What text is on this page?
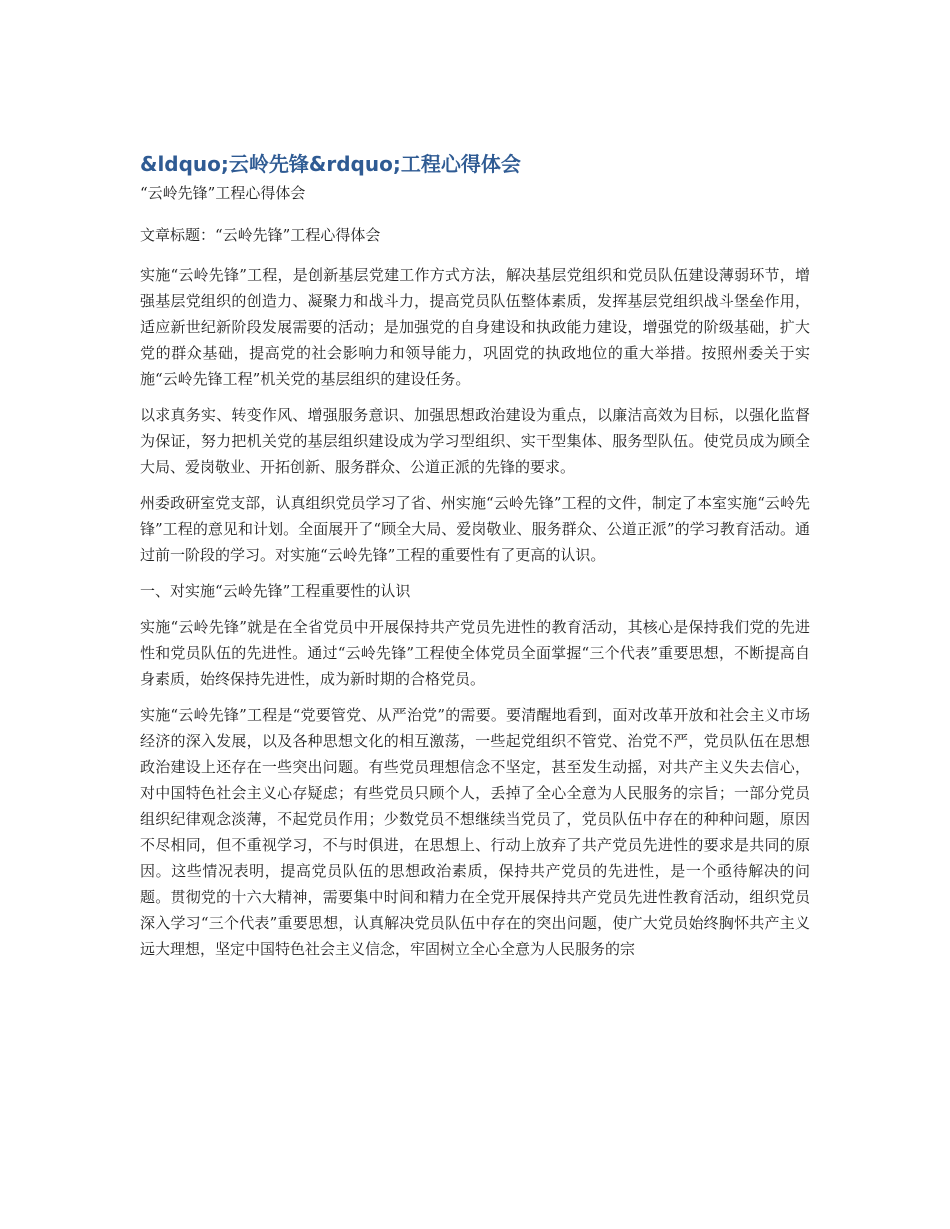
&ldquo;云岭先锋&rdquo;工程心得体会
“云岭先锋”工程心得体会

文章标题：“云岭先锋”工程心得体会

实施“云岭先锋”工程，是创新基层党建工作方式方法，解决基层党组织和党员队伍建设薄弱环节，增强基层党组织的创造力、凝聚力和战斗力，提高党员队伍整体素质，发挥基层党组织战斗堡垒作用，适应新世纪新阶段发展需要的活动；是加强党的自身建设和执政能力建设，增强党的阶级基础，扩大党的群众基础，提高党的社会影响力和领导能力，巩固党的执政地位的重大举措。按照州委关于实施“云岭先锋工程”机关党的基层组织的建设任务。

以求真务实、转变作风、增强服务意识、加强思想政治建设为重点，以廉洁高效为目标，以强化监督为保证，努力把机关党的基层组织建设成为学习型组织、实干型集体、服务型队伍。使党员成为顾全大局、爱岗敬业、开拓创新、服务群众、公道正派的先锋的要求。

州委政研室党支部，认真组织党员学习了省、州实施“云岭先锋”工程的文件，制定了本室实施“云岭先锋”工程的意见和计划。全面展开了“顾全大局、爱岗敬业、服务群众、公道正派”的学习教育活动。通过前一阶段的学习。对实施“云岭先锋”工程的重要性有了更高的认识。

一、对实施“云岭先锋”工程重要性的认识

实施“云岭先锋”就是在全省党员中开展保持共产党员先进性的教育活动，其核心是保持我们党的先进性和党员队伍的先进性。通过“云岭先锋”工程使全体党员全面掌握“三个代表”重要思想，不断提高自身素质，始终保持先进性，成为新时期的合格党员。

实施“云岭先锋”工程是“党要管党、从严治党”的需要。要清醒地看到，面对改革开放和社会主义市场经济的深入发展，以及各种思想文化的相互激荡，一些起党组织不管党、治党不严，党员队伍在思想政治建设上还存在一些突出问题。有些党员理想信念不坚定，甚至发生动摇，对共产主义失去信心，对中国特色社会主义心存疑虑；有些党员只顾个人，丢掉了全心全意为人民服务的宗旨；一部分党员组织纪律观念淡薄，不起党员作用；少数党员不想继续当党员了，党员队伍中存在的种种问题，原因不尽相同，但不重视学习，不与时俱进，在思想上、行动上放弃了共产党员先进性的要求是共同的原因。这些情况表明，提高党员队伍的思想政治素质，保持共产党员的先进性，是一个亟待解决的问题。贯彻党的十六大精神，需要集中时间和精力在全党开展保持共产党员先进性教育活动，组织党员深入学习“三个代表”重要思想，认真解决党员队伍中存在的突出问题，使广大党员始终胸怀共产主义远大理想，坚定中国特色社会主义信念，牢固树立全心全意为人民服务的宗
